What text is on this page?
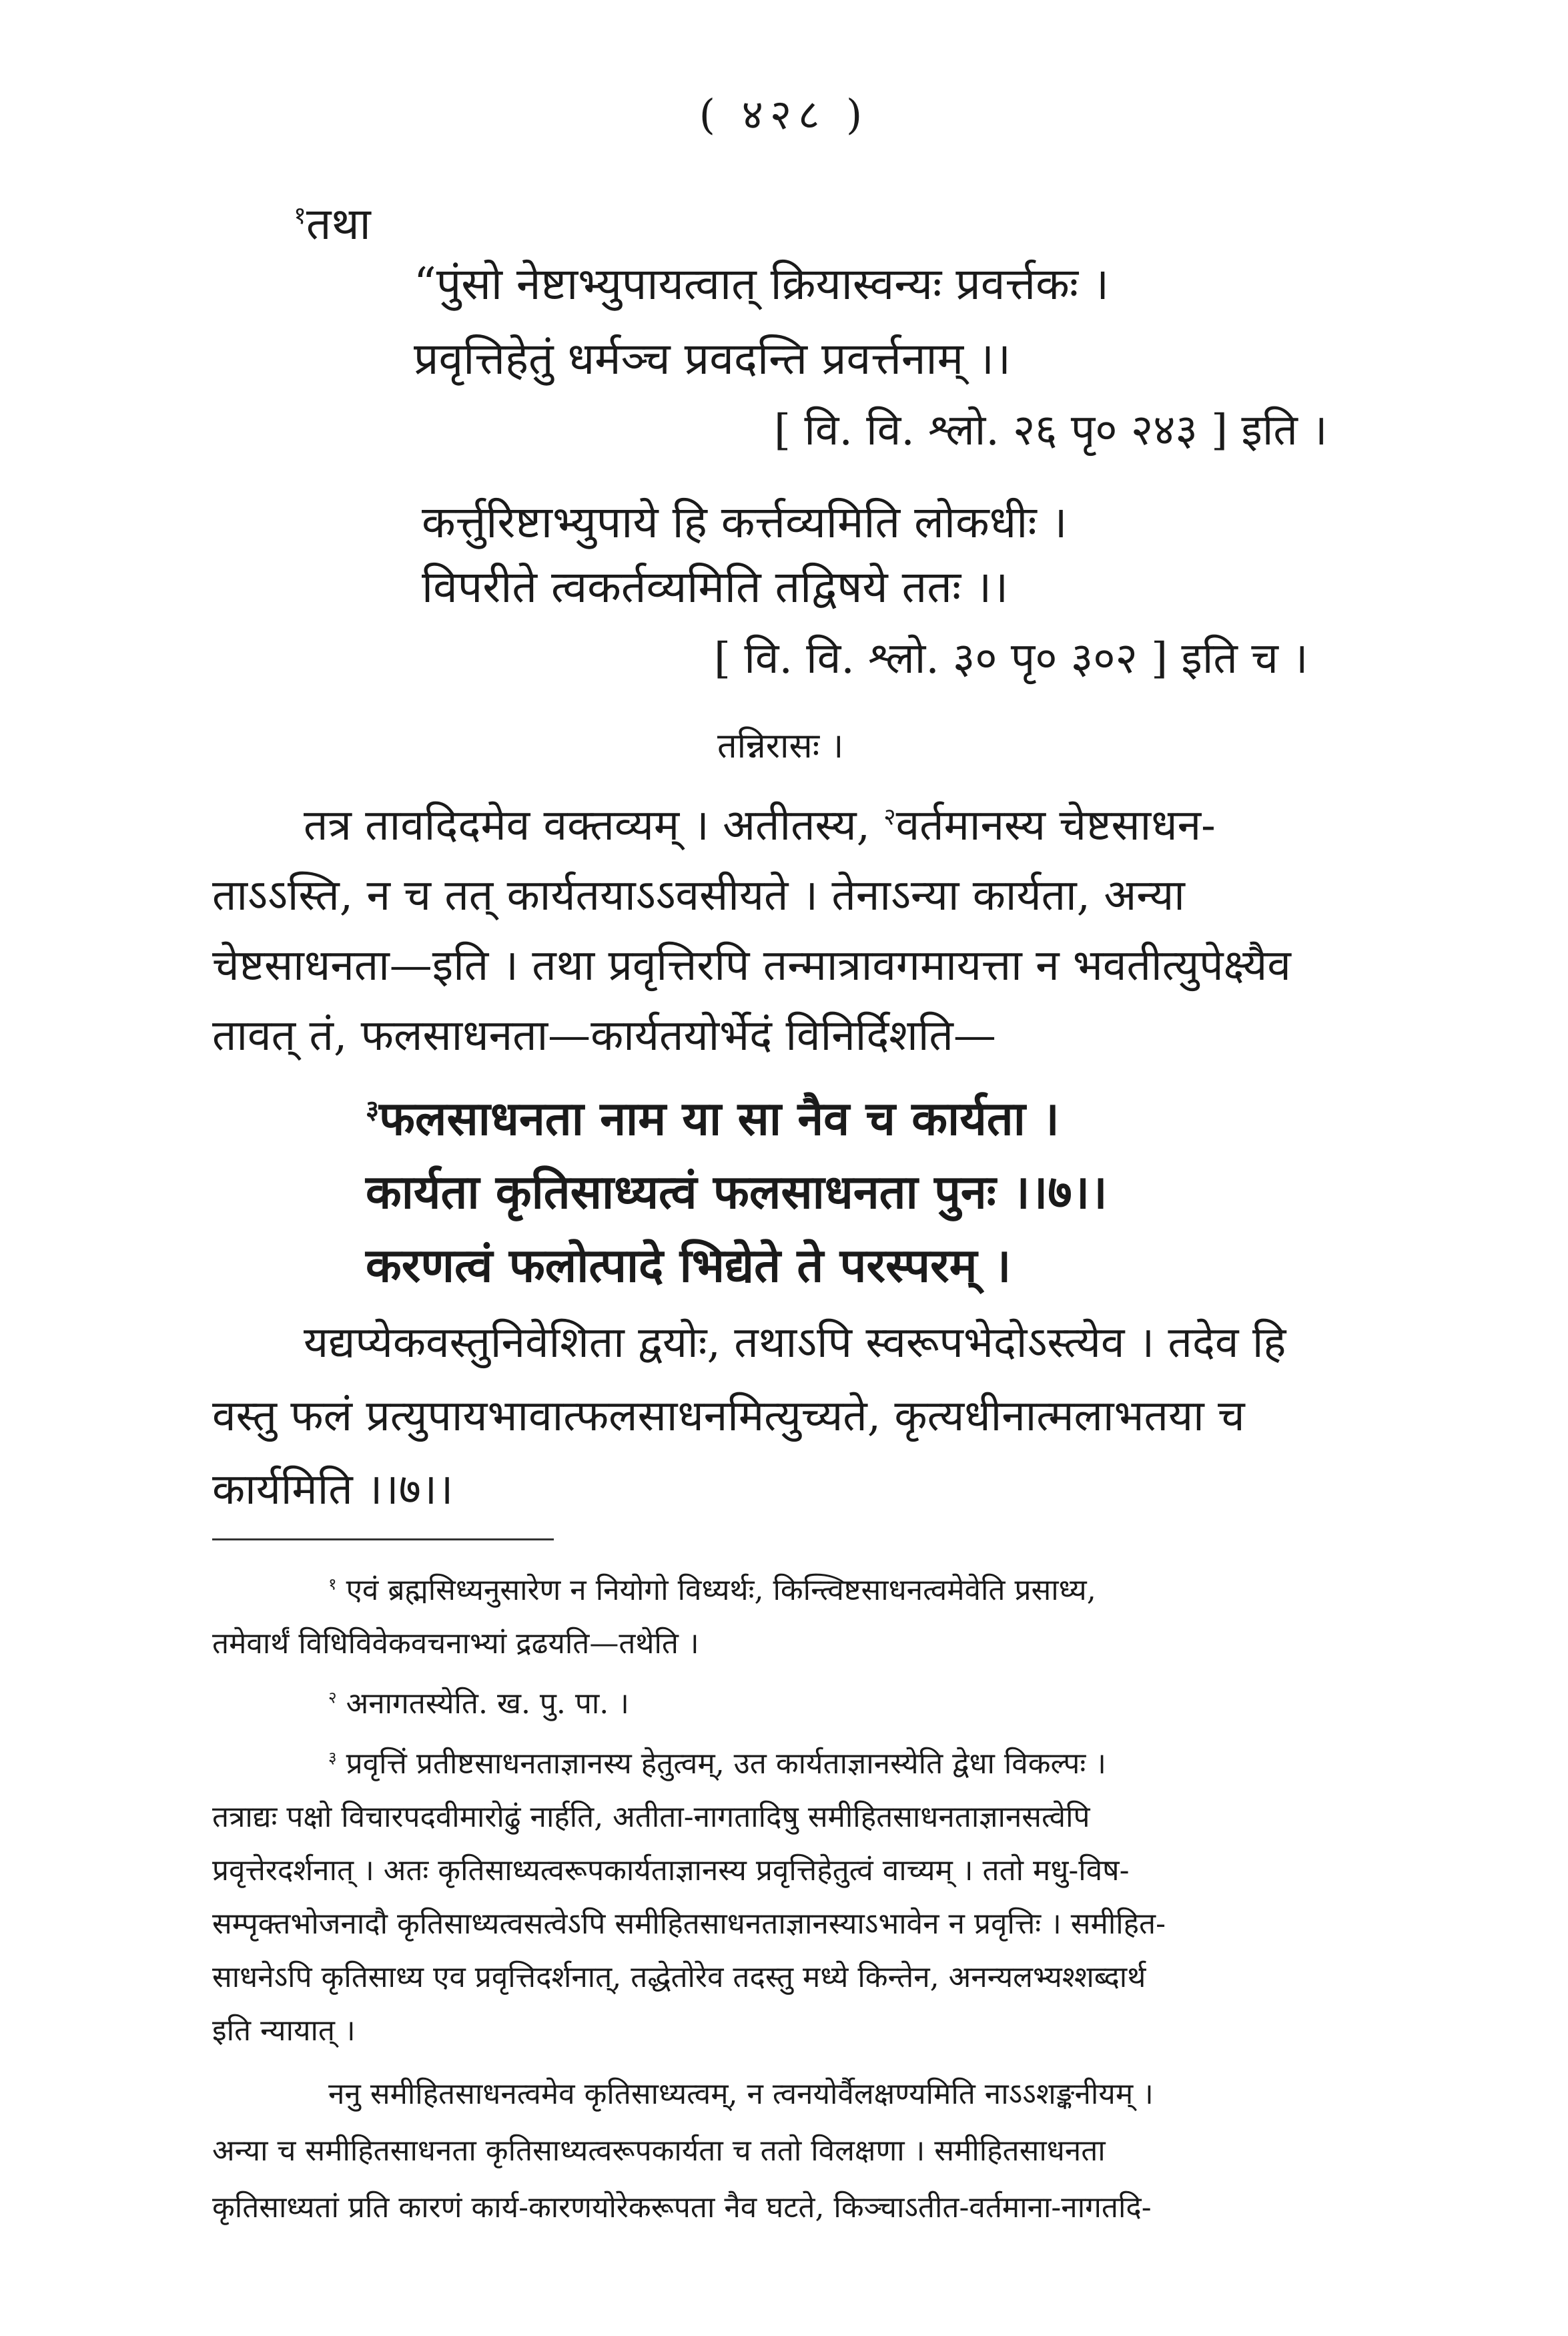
( ४२८ )
$^१$तथा
“पुंसो नेष्टाभ्युपायत्वात् क्रियास्वन्यः प्रवर्त्तकः ।
प्रवृत्तिहेतुं धर्मञ्च प्रवदन्ति प्रवर्त्तनाम् ।।
[ वि. वि. श्लो. २६ पृ० २४३ ] इति ।
कर्त्तुरिष्टाभ्युपाये हि कर्त्तव्यमिति लोकधीः ।
विपरीते त्वकर्तव्यमिति तद्विषये ततः ।।
[ वि. वि. श्लो. ३० पृ० ३०२ ] इति च ।
तन्निरासः ।
तत्र तावदिदमेव वक्तव्यम् । अतीतस्य, $^२$वर्तमानस्य चेष्टसाधन-
ताऽऽस्ति, न च तत् कार्यतयाऽऽवसीयते । तेनाऽन्या कार्यता, अन्या
चेष्टसाधनता—इति । तथा प्रवृत्तिरपि तन्मात्रावगमायत्ता न भवतीत्युपेक्ष्यैव
तावत् तं, फलसाधनता—कार्यतयोर्भेदं विनिर्दिशति—
$^३$फलसाधनता नाम या सा नैव च कार्यता ।
कार्यता कृतिसाध्यत्वं फलसाधनता पुनः ।।७।।
करणत्वं फलोत्पादे भिद्येते ते परस्परम् ।
यद्यप्येकवस्तुनिवेशिता द्वयोः, तथाऽपि स्वरूपभेदोऽस्त्येव । तदेव हि
वस्तु फलं प्रत्युपायभावात्फलसाधनमित्युच्यते, कृत्यधीनात्मलाभतया च
कार्यमिति ।।७।।
$^१$ एवं ब्रह्मसिध्यनुसारेण न नियोगो विध्यर्थः, किन्त्विष्टसाधनत्वमेवेति प्रसाध्य,
तमेवार्थं विधिविवेकवचनाभ्यां द्रढयति—तथेति ।
$^२$ अनागतस्येति. ख. पु. पा. ।
$^३$ प्रवृत्तिं प्रतीष्टसाधनताज्ञानस्य हेतुत्वम्, उत कार्यताज्ञानस्येति द्वेधा विकल्पः ।
तत्राद्यः पक्षो विचारपदवीमारोढुं नार्हति, अतीता-नागतादिषु समीहितसाधनताज्ञानसत्वेपि
प्रवृत्तेरदर्शनात् । अतः कृतिसाध्यत्वरूपकार्यताज्ञानस्य प्रवृत्तिहेतुत्वं वाच्यम् । ततो मधु-विष-
सम्पृक्तभोजनादौ कृतिसाध्यत्वसत्वेऽपि समीहितसाधनताज्ञानस्याऽभावेन न प्रवृत्तिः । समीहित-
साधनेऽपि कृतिसाध्य एव प्रवृत्तिदर्शनात्, तद्धेतोरेव तदस्तु मध्ये किन्तेन, अनन्यलभ्यश्शब्दार्थ
इति न्यायात् ।
ननु समीहितसाधनत्वमेव कृतिसाध्यत्वम्, न त्वनयोर्वैलक्षण्यमिति नाऽऽशङ्कनीयम् ।
अन्या च समीहितसाधनता कृतिसाध्यत्वरूपकार्यता च ततो विलक्षणा । समीहितसाधनता
कृतिसाध्यतां प्रति कारणं कार्य-कारणयोरेकरूपता नैव घटते, किञ्चाऽतीत-वर्तमाना-नागतदि-
